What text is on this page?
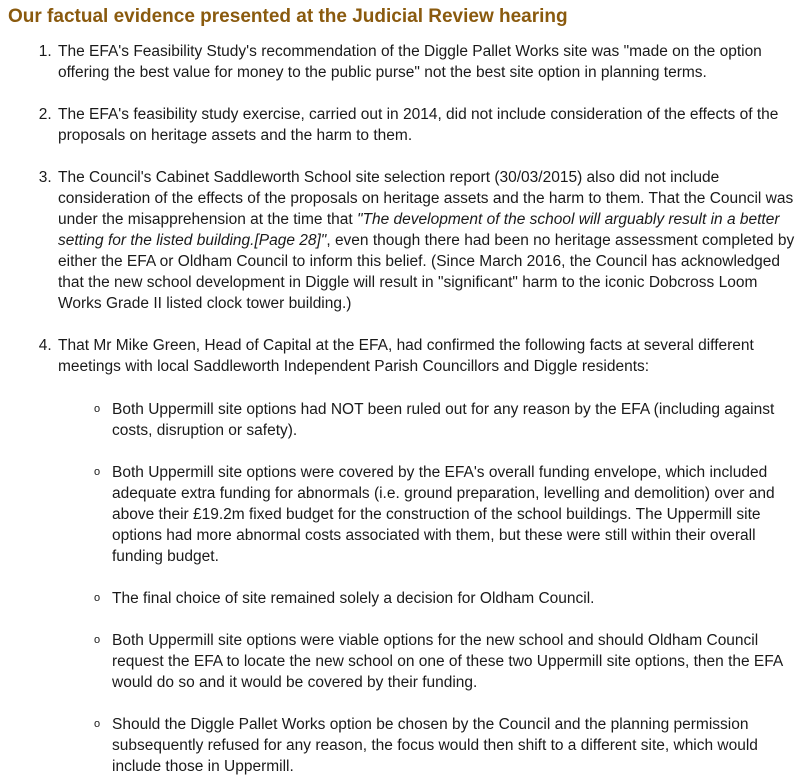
Our factual evidence presented at the Judicial Review hearing
1. The EFA's Feasibility Study's recommendation of the Diggle Pallet Works site was "made on the option offering the best value for money to the public purse" not the best site option in planning terms.
2. The EFA's feasibility study exercise, carried out in 2014, did not include consideration of the effects of the proposals on heritage assets and the harm to them.
3. The Council's Cabinet Saddleworth School site selection report (30/03/2015) also did not include consideration of the effects of the proposals on heritage assets and the harm to them. That the Council was under the misapprehension at the time that "The development of the school will arguably result in a better setting for the listed building.[Page 28]", even though there had been no heritage assessment completed by either the EFA or Oldham Council to inform this belief. (Since March 2016, the Council has acknowledged that the new school development in Diggle will result in "significant" harm to the iconic Dobcross Loom Works Grade II listed clock tower building.)
4. That Mr Mike Green, Head of Capital at the EFA, had confirmed the following facts at several different meetings with local Saddleworth Independent Parish Councillors and Diggle residents:
o Both Uppermill site options had NOT been ruled out for any reason by the EFA (including against costs, disruption or safety).
o Both Uppermill site options were covered by the EFA's overall funding envelope, which included adequate extra funding for abnormals (i.e. ground preparation, levelling and demolition) over and above their £19.2m fixed budget for the construction of the school buildings. The Uppermill site options had more abnormal costs associated with them, but these were still within their overall funding budget.
o The final choice of site remained solely a decision for Oldham Council.
o Both Uppermill site options were viable options for the new school and should Oldham Council request the EFA to locate the new school on one of these two Uppermill site options, then the EFA would do so and it would be covered by their funding.
o Should the Diggle Pallet Works option be chosen by the Council and the planning permission subsequently refused for any reason, the focus would then shift to a different site, which would include those in Uppermill.
